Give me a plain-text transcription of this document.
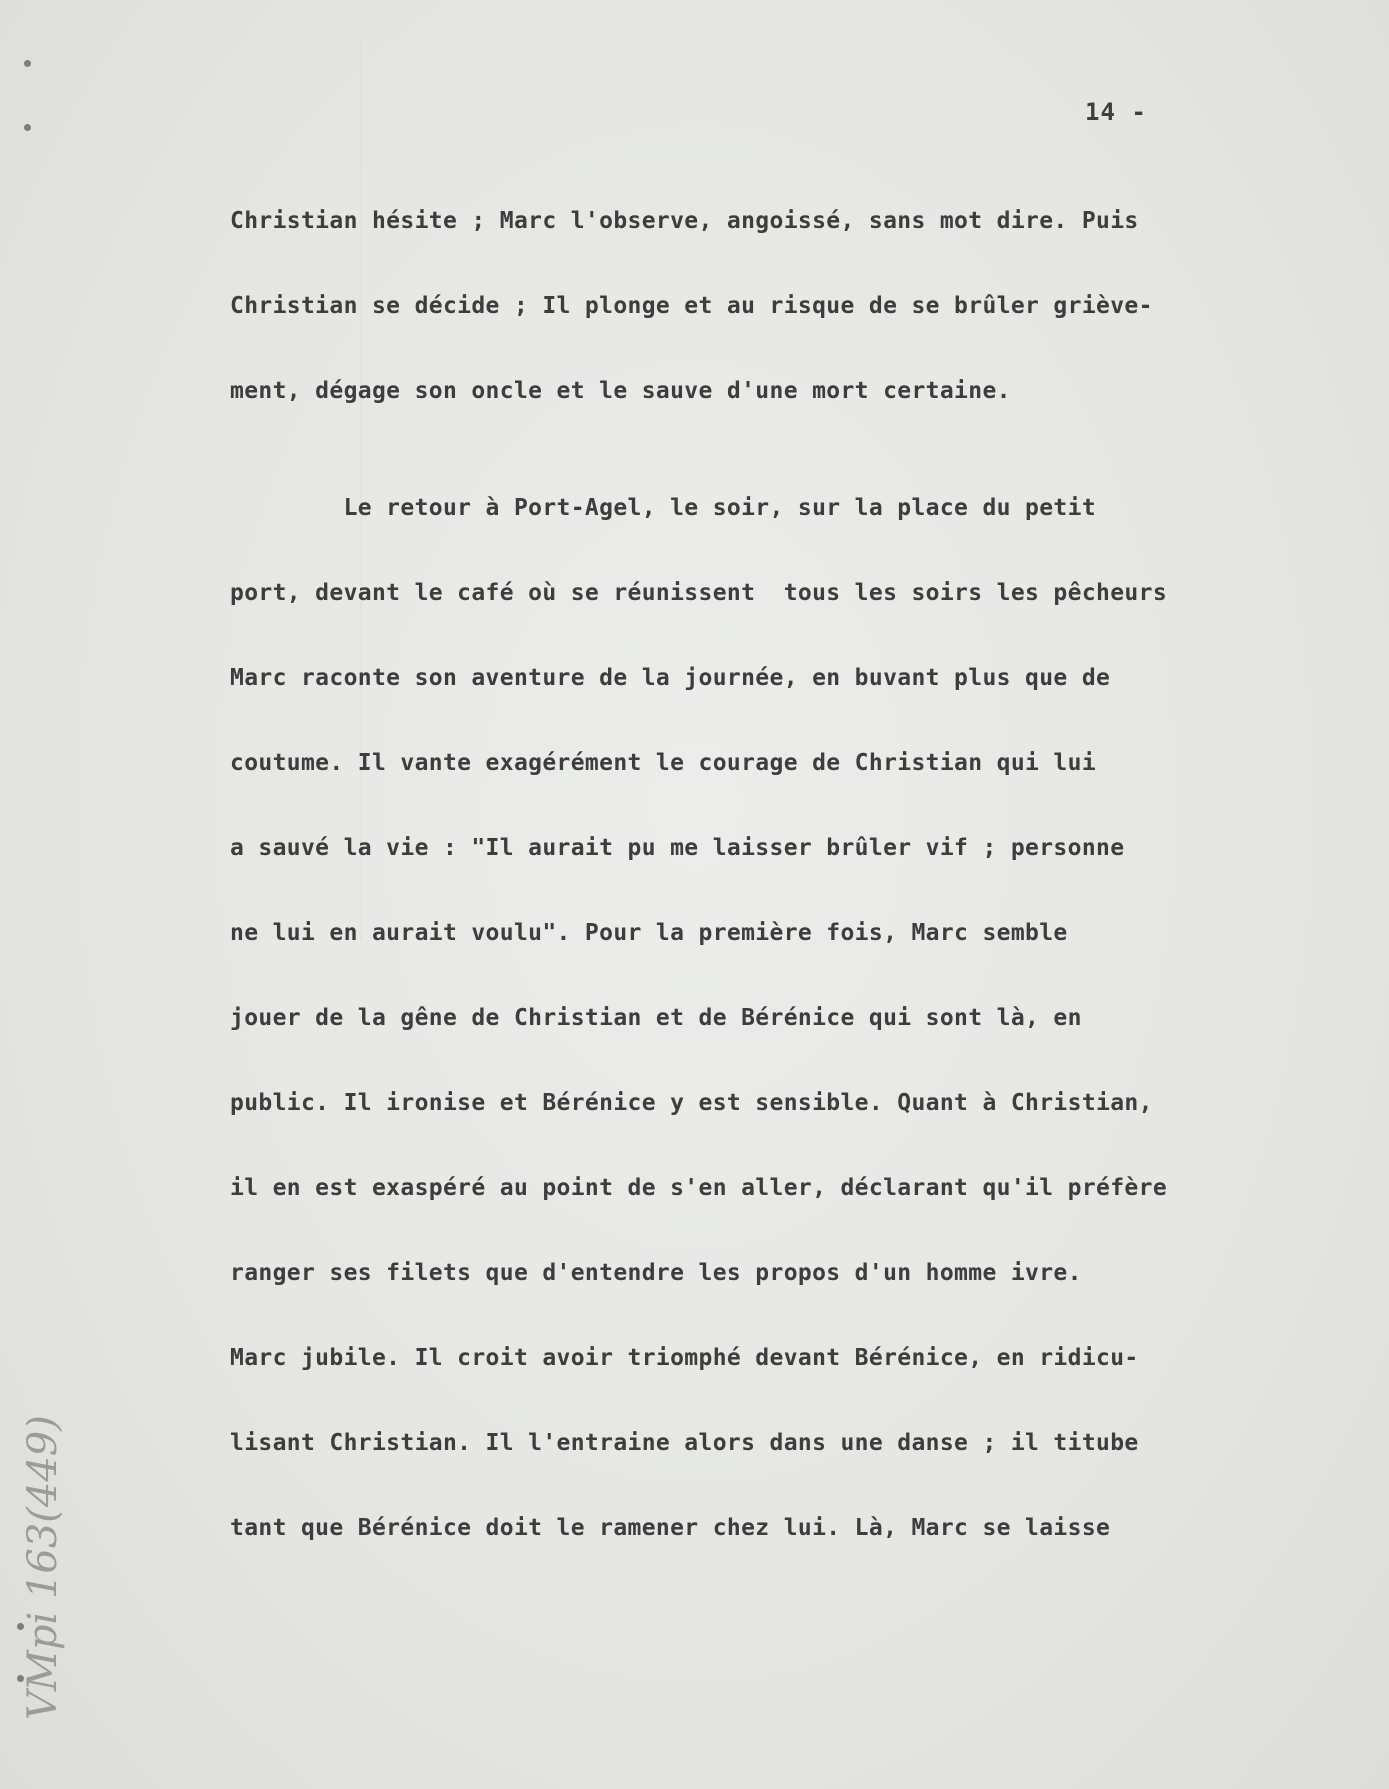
14 -
Christian hésite ; Marc l'observe, angoissé, sans mot dire. Puis
Christian se décide ; Il plonge et au risque de se brûler griève-
ment, dégage son oncle et le sauve d'une mort certaine.
Le retour à Port-Agel, le soir, sur la place du petit
port, devant le café où se réunissent  tous les soirs les pêcheurs
Marc raconte son aventure de la journée, en buvant plus que de
coutume. Il vante exagérément le courage de Christian qui lui
a sauvé la vie : "Il aurait pu me laisser brûler vif ; personne
ne lui en aurait voulu". Pour la première fois, Marc semble
jouer de la gêne de Christian et de Bérénice qui sont là, en
public. Il ironise et Bérénice y est sensible. Quant à Christian,
il en est exaspéré au point de s'en aller, déclarant qu'il préfère
ranger ses filets que d'entendre les propos d'un homme ivre.
Marc jubile. Il croit avoir triomphé devant Bérénice, en ridicu-
lisant Christian. Il l'entraine alors dans une danse ; il titube
tant que Bérénice doit le ramener chez lui. Là, Marc se laisse
VMpi 163(449)
